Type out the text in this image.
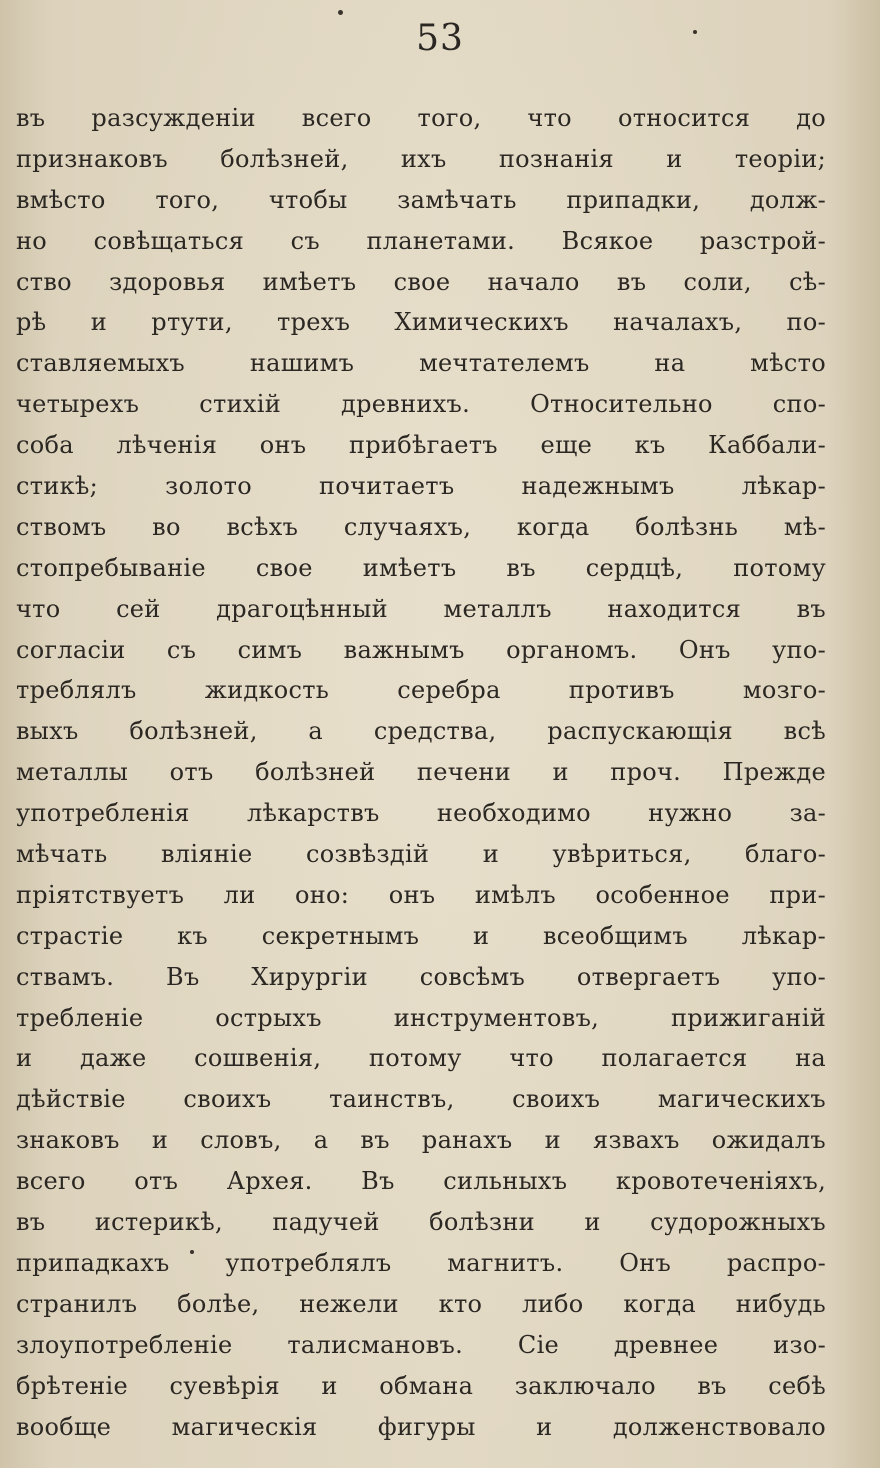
53
въ разсужденіи всего того, что относится до
признаковъ болѣзней, ихъ познанія и теоріи;
вмѣсто того, чтобы замѣчать припадки, долж-
но совѣщаться съ планетами. Всякое разстрой-
ство здоровья имѣетъ свое начало въ соли, сѣ-
рѣ и ртути, трехъ Химическихъ началахъ, по-
ставляемыхъ нашимъ мечтателемъ на мѣсто
четырехъ стихій древнихъ. Относительно спо-
соба лѣченія онъ прибѣгаетъ еще къ Каббали-
стикѣ; золото почитаетъ надежнымъ лѣкар-
ствомъ во всѣхъ случаяхъ, когда болѣзнь мѣ-
стопребываніе свое имѣетъ въ сердцѣ, потому
что сей драгоцѣнный металлъ находится въ
согласіи съ симъ важнымъ органомъ. Онъ упо-
треблялъ жидкость серебра противъ мозго-
выхъ болѣзней, а средства, распускающія всѣ
металлы отъ болѣзней печени и проч. Прежде
употребленія лѣкарствъ необходимо нужно за-
мѣчать вліяніе созвѣздій и увѣриться, благо-
пріятствуетъ ли оно: онъ имѣлъ особенное при-
страстіе къ секретнымъ и всеобщимъ лѣкар-
ствамъ. Въ Хирургіи совсѣмъ отвергаетъ упо-
требленіе острыхъ инструментовъ, прижиганій
и даже сошвенія, потому что полагается на
дѣйствіе своихъ таинствъ, своихъ магическихъ
знаковъ и словъ, а въ ранахъ и язвахъ ожидалъ
всего отъ Архея. Въ сильныхъ кровотеченіяхъ,
въ истерикѣ, падучей болѣзни и судорожныхъ
припадкахъ употреблялъ магнитъ. Онъ распро-
странилъ болѣе, нежели кто либо когда нибудь
злоупотребленіе талисмановъ. Сіе древнее изо-
брѣтеніе суевѣрія и обмана заключало въ себѣ
вообще магическія фигуры и долженствовало
